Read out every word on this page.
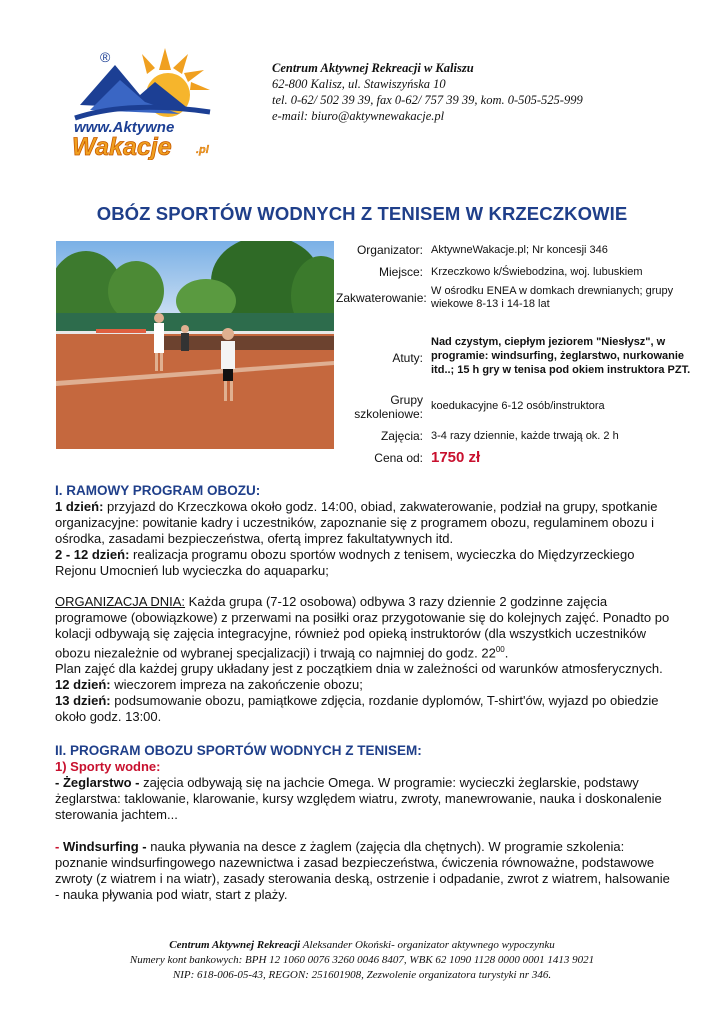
®
www.Aktywne
Wakacje .pl
Centrum Aktywnej Rekreacji w Kaliszu
62-800 Kalisz, ul. Stawiszyńska 10
tel. 0-62/ 502 39 39, fax 0-62/ 757 39 39, kom. 0-505-525-999
e-mail: biuro@aktywnewakacje.pl
OBÓZ SPORTÓW WODNYCH Z TENISEM W KRZECZKOWIE
Organizator: AktywneWakacje.pl; Nr koncesji 346
Miejsce: Krzeczkowo k/Świebodzina, woj. lubuskiem
Zakwaterowanie: W ośrodku ENEA w domkach drewnianych; grupy wiekowe 8-13 i 14-18 lat
Atuty:
Nad czystym, ciepłym jeziorem "Niesłysz", w programie: windsurfing, żeglarstwo, nurkowanie itd..; 15 h gry w tenisa pod okiem instruktora PZT.
Grupy szkoleniowe:
koedukacyjne 6-12 osób/instruktora
Zajęcia: 3-4 razy dziennie, każde trwają ok. 2 h
Cena od: 1750 zł
I. RAMOWY PROGRAM OBOZU:

1 dzień: przyjazd do Krzeczkowa około godz. 14:00, obiad, zakwaterowanie, podział na grupy, spotkanie organizacyjne: powitanie kadry i uczestników, zapoznanie się z programem obozu, regulaminem obozu i ośrodka, zasadami bezpieczeństwa, ofertą imprez fakultatywnych itd.

2 - 12 dzień: realizacja programu obozu sportów wodnych z tenisem, wycieczka do Międzyrzeckiego Rejonu Umocnień lub wycieczka do aquaparku;

ORGANIZACJA DNIA: Każda grupa (7-12 osobowa) odbywa 3 razy dziennie 2 godzinne zajęcia programowe (obowiązkowe) z przerwami na posiłki oraz przygotowanie się do kolejnych zajęć. Ponadto po kolacji odbywają się zajęcia integracyjne, również pod opieką instruktorów (dla wszystkich uczestników obozu niezależnie od wybranej specjalizacji) i trwają co najmniej do godz. $22^{00}$.

Plan zajęć dla każdej grupy układany jest z początkiem dnia w zależności od warunków atmosferycznych.

12 dzień: wieczorem impreza na zakończenie obozu;

13 dzień: podsumowanie obozu, pamiątkowe zdjęcia, rozdanie dyplomów, T-shirt'ów, wyjazd po obiedzie około godz. 13:00.

II. PROGRAM OBOZU SPORTÓW WODNYCH Z TENISEM:
1) Sporty wodne:

- Żeglarstwo - zajęcia odbywają się na jachcie Omega. W programie: wycieczki żeglarskie, podstawy żeglarstwa: taklowanie, klarowanie, kursy względem wiatru, zwroty, manewrowanie, nauka i doskonalenie sterowania jachtem...

- Windsurfing - nauka pływania na desce z żaglem (zajęcia dla chętnych). W programie szkolenia: poznanie windsurfingowego nazewnictwa i zasad bezpieczeństwa, ćwiczenia równoważne, podstawowe zwroty (z wiatrem i na wiatr), zasady sterowania deską, ostrzenie i odpadanie, zwrot z wiatrem, halsowanie - nauka pływania pod wiatr, start z plaży.

Centrum Aktywnej Rekreacji Aleksander Okoński- organizator aktywnego wypoczynku
Numery kont bankowych: BPH 12 1060 0076 3260 0046 8407, WBK 62 1090 1128 0000 0001 1413 9021
NIP: 618-006-05-43, REGON: 251601908, Zezwolenie organizatora turystyki nr 346.
